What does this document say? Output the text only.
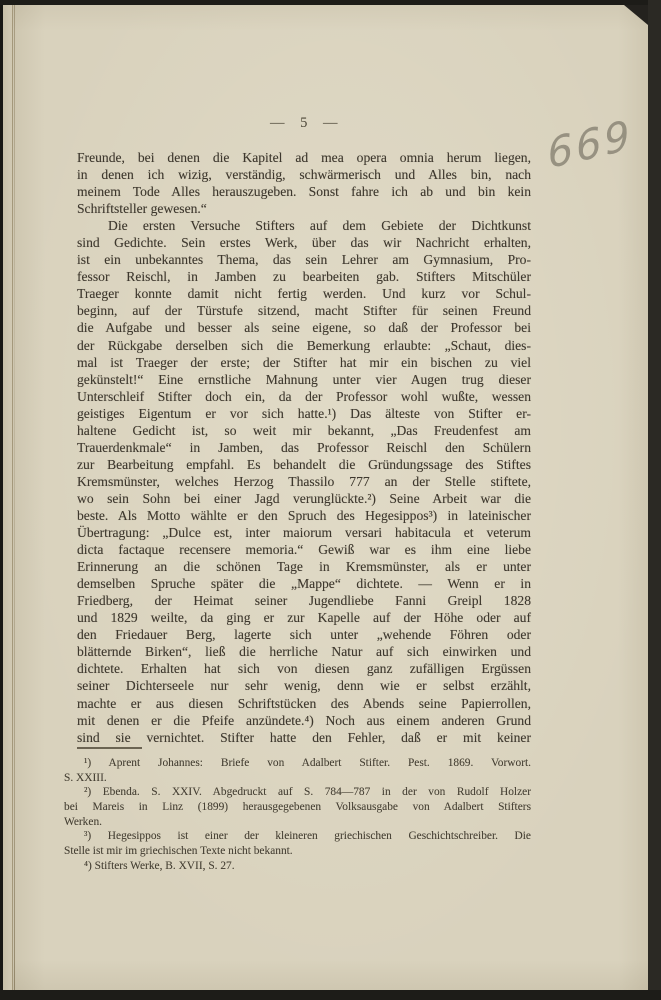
— 5 —	669
Freunde, bei denen die Kapitel ad mea opera omnia herum liegen,
in denen ich wizig, verständig, schwärmerisch und Alles bin, nach
meinem Tode Alles herauszugeben. Sonst fahre ich ab und bin kein
Schriftsteller gewesen.“
Die ersten Versuche Stifters auf dem Gebiete der Dichtkunst
sind Gedichte. Sein erstes Werk, über das wir Nachricht erhalten,
ist ein unbekanntes Thema, das sein Lehrer am Gymnasium, Pro-
fessor Reischl, in Jamben zu bearbeiten gab. Stifters Mitschüler
Traeger konnte damit nicht fertig werden. Und kurz vor Schul-
beginn, auf der Türstufe sitzend, macht Stifter für seinen Freund
die Aufgabe und besser als seine eigene, so daß der Professor bei
der Rückgabe derselben sich die Bemerkung erlaubte: „Schaut, dies-
mal ist Traeger der erste; der Stifter hat mir ein bischen zu viel
gekünstelt!“ Eine ernstliche Mahnung unter vier Augen trug dieser
Unterschleif Stifter doch ein, da der Professor wohl wußte, wessen
geistiges Eigentum er vor sich hatte.¹) Das älteste von Stifter er-
haltene Gedicht ist, so weit mir bekannt, „Das Freudenfest am
Trauerdenkmale“ in Jamben, das Professor Reischl den Schülern
zur Bearbeitung empfahl. Es behandelt die Gründungssage des Stiftes
Kremsmünster, welches Herzog Thassilo 777 an der Stelle stiftete,
wo sein Sohn bei einer Jagd verunglückte.²) Seine Arbeit war die
beste. Als Motto wählte er den Spruch des Hegesippos³) in lateinischer
Übertragung: „Dulce est, inter maiorum versari habitacula et veterum
dicta factaque recensere memoria.“ Gewiß war es ihm eine liebe
Erinnerung an die schönen Tage in Kremsmünster, als er unter
demselben Spruche später die „Mappe“ dichtete. — Wenn er in
Friedberg, der Heimat seiner Jugendliebe Fanni Greipl 1828
und 1829 weilte, da ging er zur Kapelle auf der Höhe oder auf
den Friedauer Berg, lagerte sich unter „wehende Föhren oder
blätternde Birken“, ließ die herrliche Natur auf sich einwirken und
dichtete. Erhalten hat sich von diesen ganz zufälligen Ergüssen
seiner Dichterseele nur sehr wenig, denn wie er selbst erzählt,
machte er aus diesen Schriftstücken des Abends seine Papierrollen,
mit denen er die Pfeife anzündete.⁴) Noch aus einem anderen Grund
sind sie vernichtet. Stifter hatte den Fehler, daß er mit keiner
¹) Aprent Johannes: Briefe von Adalbert Stifter. Pest. 1869. Vorwort.
S. XXIII.
²) Ebenda. S. XXIV. Abgedruckt auf S. 784—787 in der von Rudolf Holzer
bei Mareis in Linz (1899) herausgegebenen Volksausgabe von Adalbert Stifters
Werken.
³) Hegesippos ist einer der kleineren griechischen Geschichtschreiber. Die
Stelle ist mir im griechischen Texte nicht bekannt.
⁴) Stifters Werke, B. XVII, S. 27.
